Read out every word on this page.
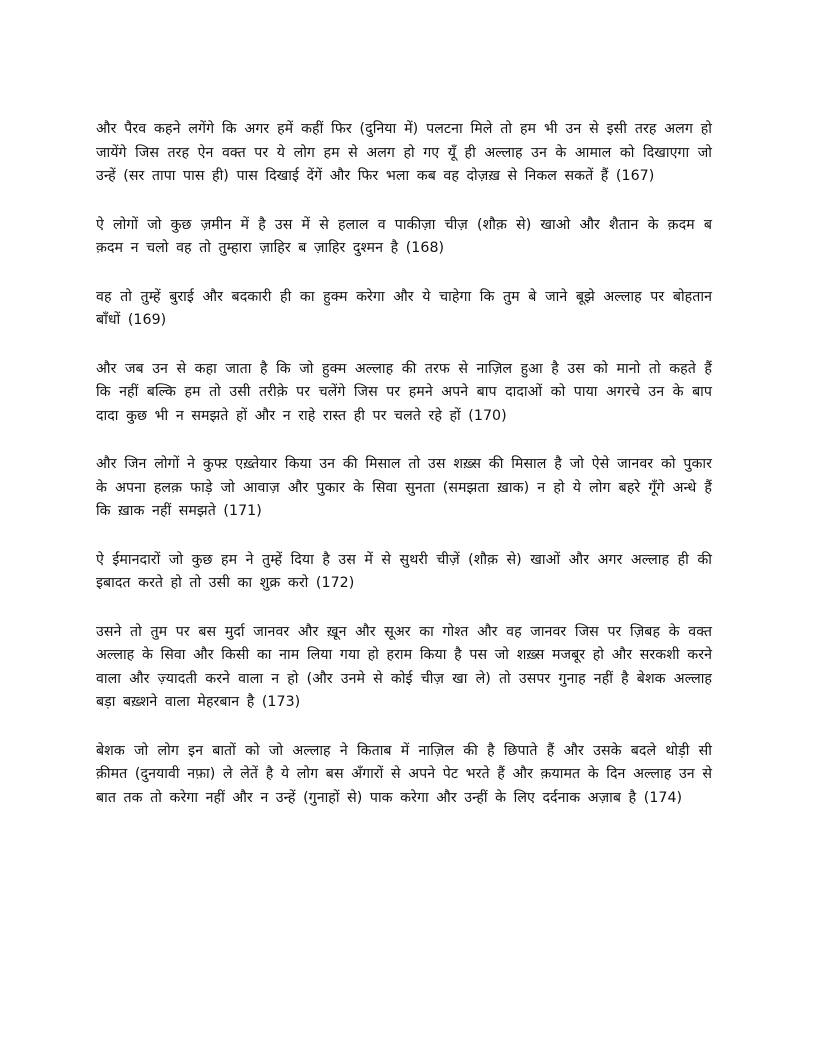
और पैरव कहने लगेंगे कि अगर हमें कहीं फिर (दुनिया में) पलटना मिले तो हम भी उन से इसी तरह अलग हो जायेंगे जिस तरह ऐन वक्त पर ये लोग हम से अलग हो गए यूँ ही अल्लाह उन के आमाल को दिखाएगा जो उन्हें (सर तापा पास ही) पास दिखाई देंगें और फिर भला कब वह दोज़ख़ से निकल सकतें हैं (167)

ऐ लोगों जो कुछ ज़मीन में है उस में से हलाल व पाकीज़ा चीज़ (शौक़ से) खाओ और शैतान के क़दम ब क़दम न चलो वह तो तुम्हारा ज़ाहिर ब ज़ाहिर दुश्मन है (168)

वह तो तुम्हें बुराई और बदकारी ही का हुक्म करेगा और ये चाहेगा कि तुम बे जाने बूझे अल्लाह पर बोहतान बाँधों (169)

और जब उन से कहा जाता है कि जो हुक्म अल्लाह की तरफ से नाज़िल हुआ है उस को मानो तो कहते हैं कि नहीं बल्कि हम तो उसी तरीक़े पर चलेंगे जिस पर हमने अपने बाप दादाओं को पाया अगरचे उन के बाप दादा कुछ भी न समझते हों और न राहे रास्त ही पर चलते रहे हों (170)

और जिन लोगों ने कुफ्ऱ एख़्तेयार किया उन की मिसाल तो उस शख़्स की मिसाल है जो ऐसे जानवर को पुकार के अपना हलक़ फाड़े जो आवाज़ और पुकार के सिवा सुनता (समझता ख़ाक) न हो ये लोग बहरे गूँगे अन्धे हैं कि ख़ाक नहीं समझते (171)

ऐ ईमानदारों जो कुछ हम ने तुम्हें दिया है उस में से सुथरी चीज़ें (शौक़ से) खाओं और अगर अल्लाह ही की इबादत करते हो तो उसी का शुक्र करो (172)

उसने तो तुम पर बस मुर्दा जानवर और ख़ून और सूअर का गोश्त और वह जानवर जिस पर ज़िबह के वक्त अल्लाह के सिवा और किसी का नाम लिया गया हो हराम किया है पस जो शख़्स मजबूर हो और सरकशी करने वाला और ज़्यादती करने वाला न हो (और उनमे से कोई चीज़ खा ले) तो उसपर गुनाह नहीं है बेशक अल्लाह बड़ा बख़्शने वाला मेहरबान है (173)

बेशक जो लोग इन बातों को जो अल्लाह ने किताब में नाज़िल की है छिपाते हैं और उसके बदले थोड़ी सी क़ीमत (दुनयावी नफ़ा) ले लेतें है ये लोग बस अँगारों से अपने पेट भरते हैं और क़यामत के दिन अल्लाह उन से बात तक तो करेगा नहीं और न उन्हें (गुनाहों से) पाक करेगा और उन्हीं के लिए दर्दनाक अज़ाब है (174)
